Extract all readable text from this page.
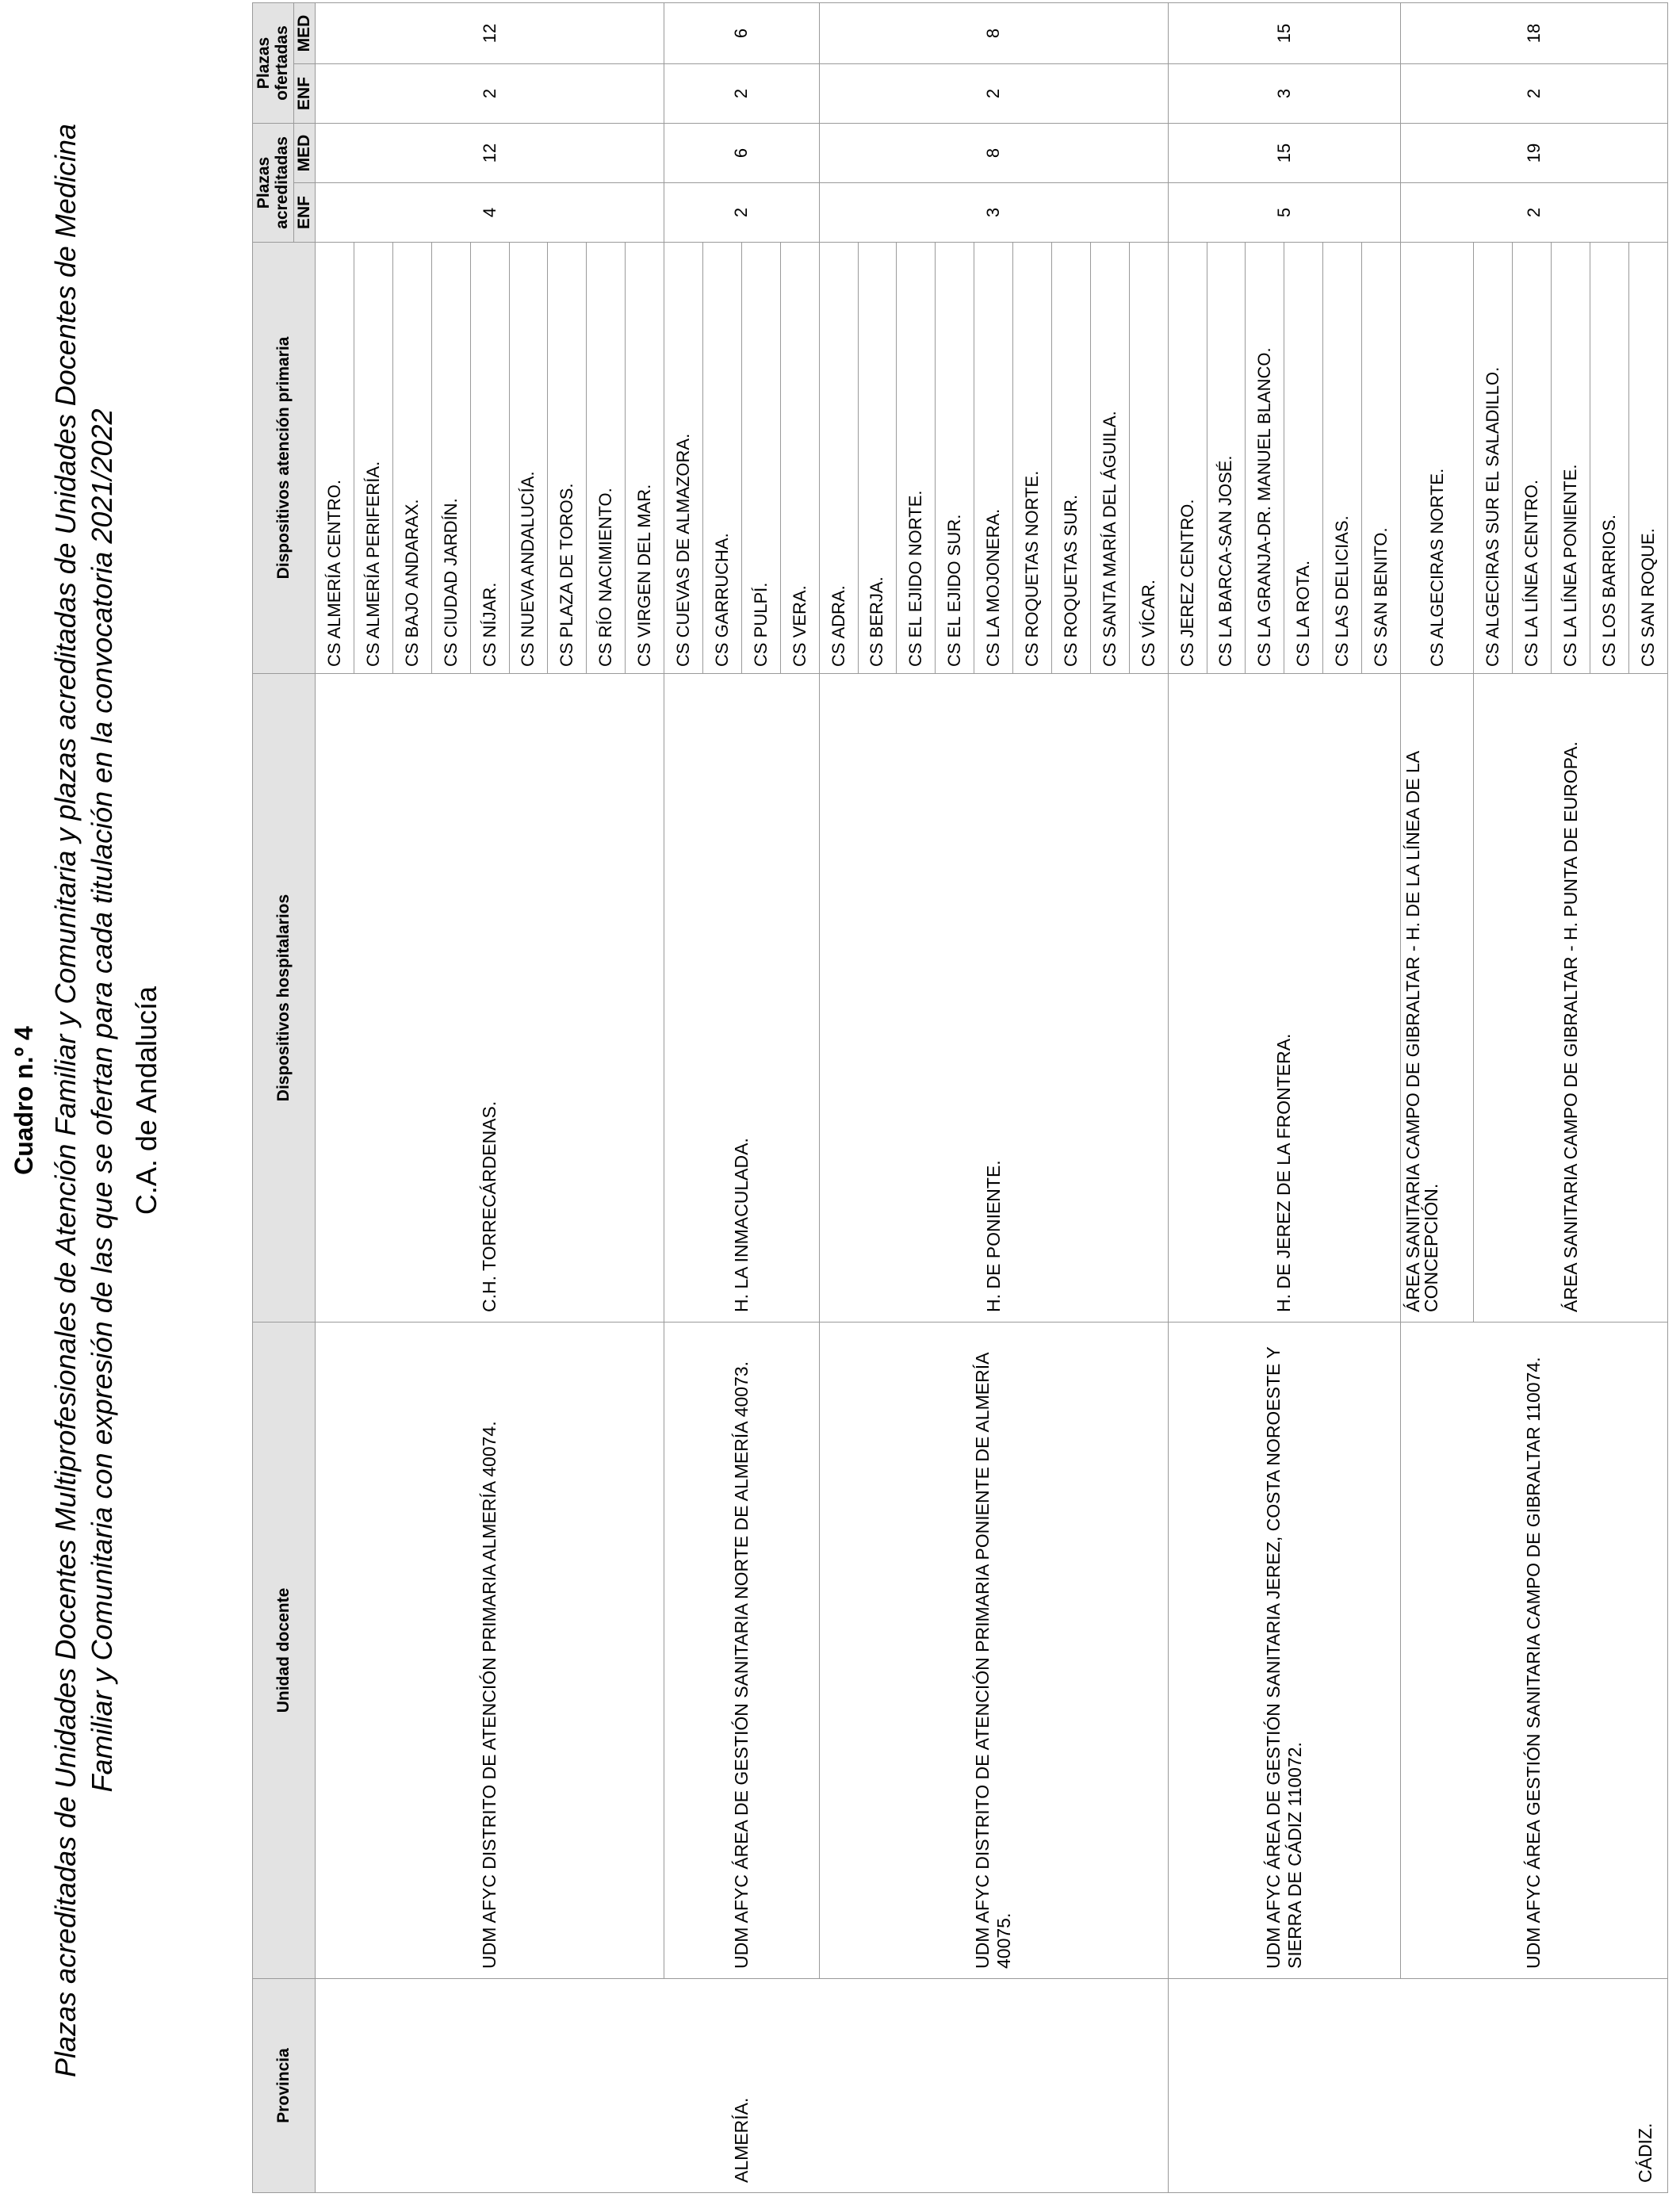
Cuadro n.º 4 Plazas acreditadas de Unidades Docentes Multiprofesionales de Atención Familiar y Comunitaria y plazas acreditadas de Unidades Docentes de Medicina Familiar y Comunitaria con expresión de las que se ofertan para cada titulación en la convocatoria 2021/2022 C.A. de Andalucía
Provincia	Unidad docente	Dispositivos hospitalarios	Dispositivos atención primaria	Plazas acreditadas		Plazas ofertadas	
				ENF	MED	ENF	MED
ALMERÍA.	UDM AFYC DISTRITO DE ATENCIÓN PRIMARIA ALMERÍA 40074.	C.H. TORRECÁRDENAS.	CS ALMERÍA CENTRO.	4	12	2	12
			CS ALMERÍA PERIFERÍA.				
			CS BAJO ANDARAX.				
			CS CIUDAD JARDÍN.				
			CS NÍJAR.				
			CS NUEVA ANDALUCÍA.				
			CS PLAZA DE TOROS.				
			CS RÍO NACIMIENTO.				
			CS VIRGEN DEL MAR.				
	UDM AFYC ÁREA DE GESTIÓN SANITARIA NORTE DE ALMERÍA 40073.	H. LA INMACULADA.	CS CUEVAS DE ALMAZORA.	2	6	2	6
			CS GARRUCHA.				
			CS PULPÍ.				
			CS VERA.				
	UDM AFYC DISTRITO DE ATENCIÓN PRIMARIA PONIENTE DE ALMERÍA 40075.	H. DE PONIENTE.	CS ADRA.	3	8	2	8
			CS BERJA.				
			CS EL EJIDO NORTE.				
			CS EL EJIDO SUR.				
			CS LA MOJONERA.				
			CS ROQUETAS NORTE.				
			CS ROQUETAS SUR.				
			CS SANTA MARÍA DEL ÁGUILA.				
			CS VÍCAR.				
CÁDIZ.	UDM AFYC ÁREA DE GESTIÓN SANITARIA JEREZ, COSTA NOROESTE Y SIERRA DE CÁDIZ 110072.	H. DE JEREZ DE LA FRONTERA.	CS JEREZ CENTRO.	5	15	3	15
			CS LA BARCA-SAN JOSÉ.				
			CS LA GRANJA-DR. MANUEL BLANCO.				
			CS LA ROTA.				
			CS LAS DELICIAS.				
			CS SAN BENITO.				
	UDM AFYC ÁREA GESTIÓN SANITARIA CAMPO DE GIBRALTAR 110074.	ÁREA SANITARIA CAMPO DE GIBRALTAR - H. DE LA LÍNEA DE LA CONCEPCIÓN.	CS ALGECIRAS NORTE.	2	19	2	18
		ÁREA SANITARIA CAMPO DE GIBRALTAR - H. PUNTA DE EUROPA.	CS ALGECIRAS SUR EL SALADILLO.				
			CS LA LÍNEA CENTRO.				
			CS LA LÍNEA PONIENTE.				
			CS LOS BARRIOS.				
			CS SAN ROQUE.				
